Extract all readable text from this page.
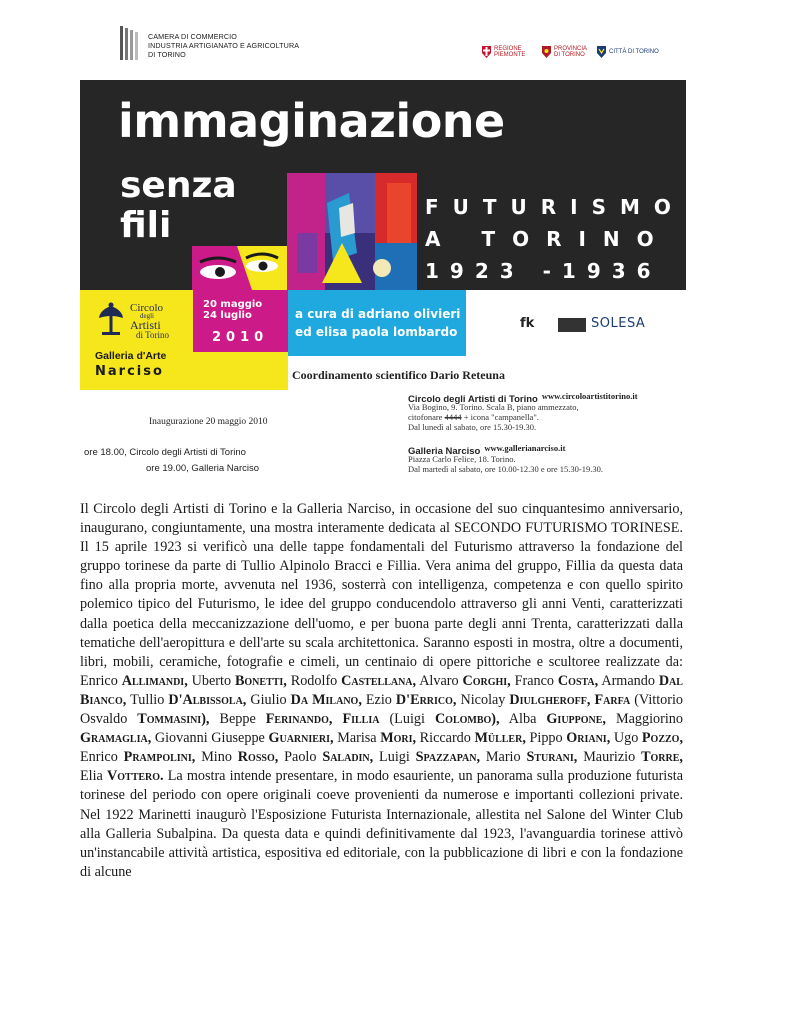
CAMERA DI COMMERCIO
INDUSTRIA ARTIGIANATO E AGRICOLTURA
DI TORINO
REGIONE
PIEMONTE
PROVINCIA
DI TORINO
CITTÀ DI TORINO
immaginazione
senza
fili	FUTURISMO
A TORINO
1923 -1936
20 maggio
24 luglio
2010
a cura di adriano olivieri
ed elisa paola lombardo
Circolo
degli
Artisti
di Torino
Galleria d'Arte
Narciso
fk	SOLESA
Coordinamento scientifico Dario Reteuna
Inaugurazione 20 maggio 2010
ore 18.00, Circolo degli Artisti di Torino
ore 19.00, Galleria Narciso
Circolo degli Artisti di Torino www.circoloartistitorino.it
Via Bogino, 9. Torino. Scala B, piano ammezzato,
citofonare 4444 + icona "campanella".
Dal lunedì al sabato, ore 15.30-19.30.
Galleria Narciso www.gallerianarciso.it
Piazza Carlo Felice, 18. Torino.
Dal martedì al sabato, ore 10.00-12.30 e ore 15.30-19.30.

Il Circolo degli Artisti di Torino e la Galleria Narciso, in occasione del suo cinquantesimo anniversario, inaugurano, congiuntamente, una mostra interamente dedicata al SECONDO FUTURISMO TORINESE. Il 15 aprile 1923 si verificò una delle tappe fondamentali del Futurismo attraverso la fondazione del gruppo torinese da parte di Tullio Alpinolo Bracci e Fillia. Vera anima del gruppo, Fillia da questa data fino alla propria morte, avvenuta nel 1936, sosterrà con intelligenza, competenza e con quello spirito polemico tipico del Futurismo, le idee del gruppo conducendolo attraverso gli anni Venti, caratterizzati dalla poetica della meccanizzazione dell'uomo, e per buona parte degli anni Trenta, caratterizzati dalla tematiche dell'aeropittura e dell'arte su scala architettonica. Saranno esposti in mostra, oltre a documenti, libri, mobili, ceramiche, fotografie e cimeli, un centinaio di opere pittoriche e scultoree realizzate da: Enrico Allimandi, Uberto Bonetti, Rodolfo Castellana, Alvaro Corghi, Franco Costa, Armando Dal Bianco, Tullio D'Albissola, Giulio Da Milano, Ezio D'Errico, Nicolay Diulgheroff, Farfa (Vittorio Osvaldo Tommasini), Beppe Ferinando, Fillia (Luigi Colombo), Alba Giuppone, Maggiorino Gramaglia, Giovanni Giuseppe Guarnieri, Marisa Mori, Riccardo Müller, Pippo Oriani, Ugo Pozzo, Enrico Prampolini, Mino Rosso, Paolo Saladin, Luigi Spazzapan, Mario Sturani, Maurizio Torre, Elia Vottero. La mostra intende presentare, in modo esauriente, un panorama sulla produzione futurista torinese del periodo con opere originali coeve provenienti da numerose e importanti collezioni private. Nel 1922 Marinetti inaugurò l'Esposizione Futurista Internazionale, allestita nel Salone del Winter Club alla Galleria Subalpina. Da questa data e quindi definitivamente dal 1923, l'avanguardia torinese attivò un'instancabile attività artistica, espositiva ed editoriale, con la pubblicazione di libri e con la fondazione di alcune
